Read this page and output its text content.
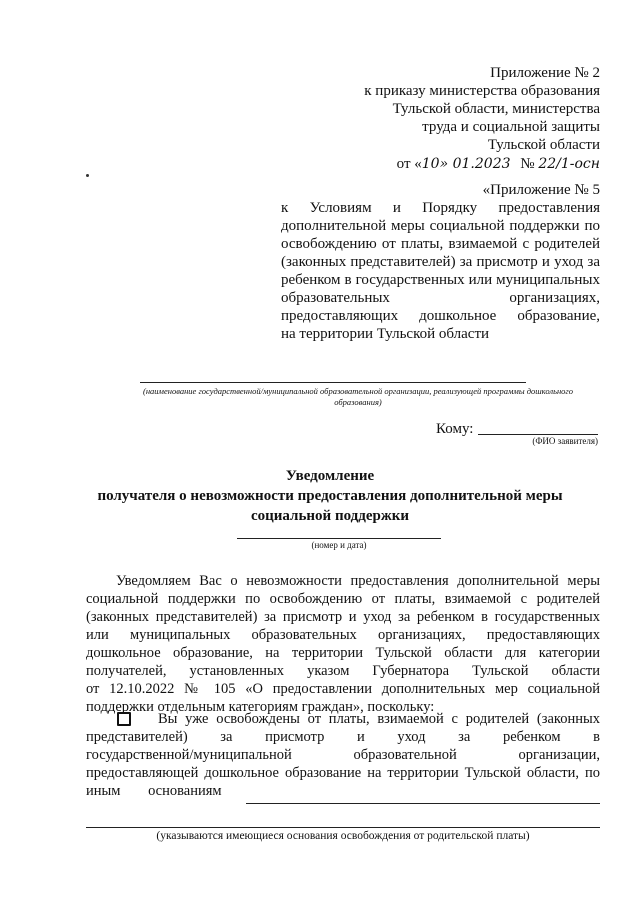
Приложение № 2
к приказу министерства образования
Тульской области, министерства
труда и социальной защиты
Тульской области
от «10» 01.2023 № 22/1-осн
«Приложение № 5
к Условиям и Порядку предоставления
дополнительной меры социальной поддержки по
освобождению от платы, взимаемой с родителей
(законных представителей) за присмотр и уход за
ребенком в государственных или муниципальных
образовательных организациях,
предоставляющих дошкольное образование,
на территории Тульской области
(наименование государственной/муниципальной образовательной организации, реализующей программы дошкольного образования)
Кому:
(ФИО заявителя)
Уведомление
получателя о невозможности предоставления дополнительной меры
социальной поддержки
(номер и дата)
Уведомляем Вас о невозможности предоставления дополнительной меры
социальной поддержки по освобождению от платы, взимаемой с родителей
(законных представителей) за присмотр и уход за ребенком в государственных
или муниципальных образовательных организациях, предоставляющих
дошкольное образование, на территории Тульской области для категории
получателей, установленных указом Губернатора Тульской области
от 12.10.2022 № 105 «О предоставлении дополнительных мер социальной
поддержки отдельным категориям граждан», поскольку:
Вы уже освобождены от платы, взимаемой с родителей (законных
представителей) за присмотр и уход за ребенком в
государственной/муниципальной образовательной организации,
предоставляющей дошкольное образование на территории Тульской области, по
иным основаниям
(указываются имеющиеся основания освобождения от родительской платы)
